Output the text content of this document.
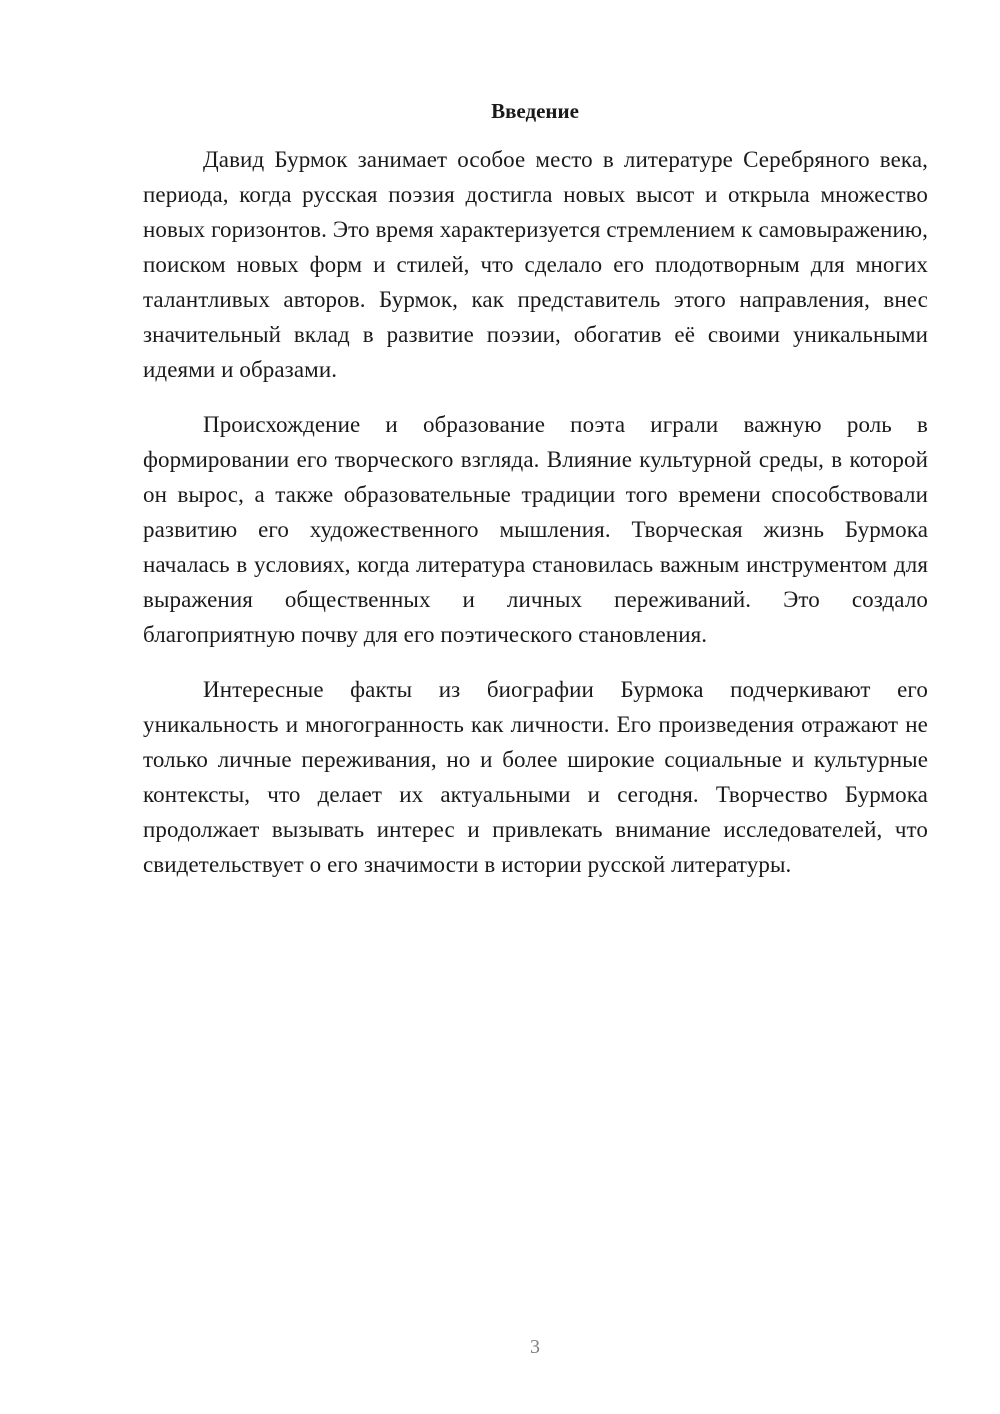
Введение

Давид Бурмок занимает особое место в литературе Серебряного века, периода, когда русская поэзия достигла новых высот и открыла множество новых горизонтов. Это время характеризуется стремлением к самовыражению, поиском новых форм и стилей, что сделало его плодотворным для многих талантливых авторов. Бурмок, как представитель этого направления, внес значительный вклад в развитие поэзии, обогатив её своими уникальными идеями и образами.

Происхождение и образование поэта играли важную роль в формировании его творческого взгляда. Влияние культурной среды, в которой он вырос, а также образовательные традиции того времени способствовали развитию его художественного мышления. Творческая жизнь Бурмока началась в условиях, когда литература становилась важным инструментом для выражения общественных и личных переживаний. Это создало благоприятную почву для его поэтического становления.

Интересные факты из биографии Бурмока подчеркивают его уникальность и многогранность как личности. Его произведения отражают не только личные переживания, но и более широкие социальные и культурные контексты, что делает их актуальными и сегодня. Творчество Бурмока продолжает вызывать интерес и привлекать внимание исследователей, что свидетельствует о его значимости в истории русской литературы.

3
